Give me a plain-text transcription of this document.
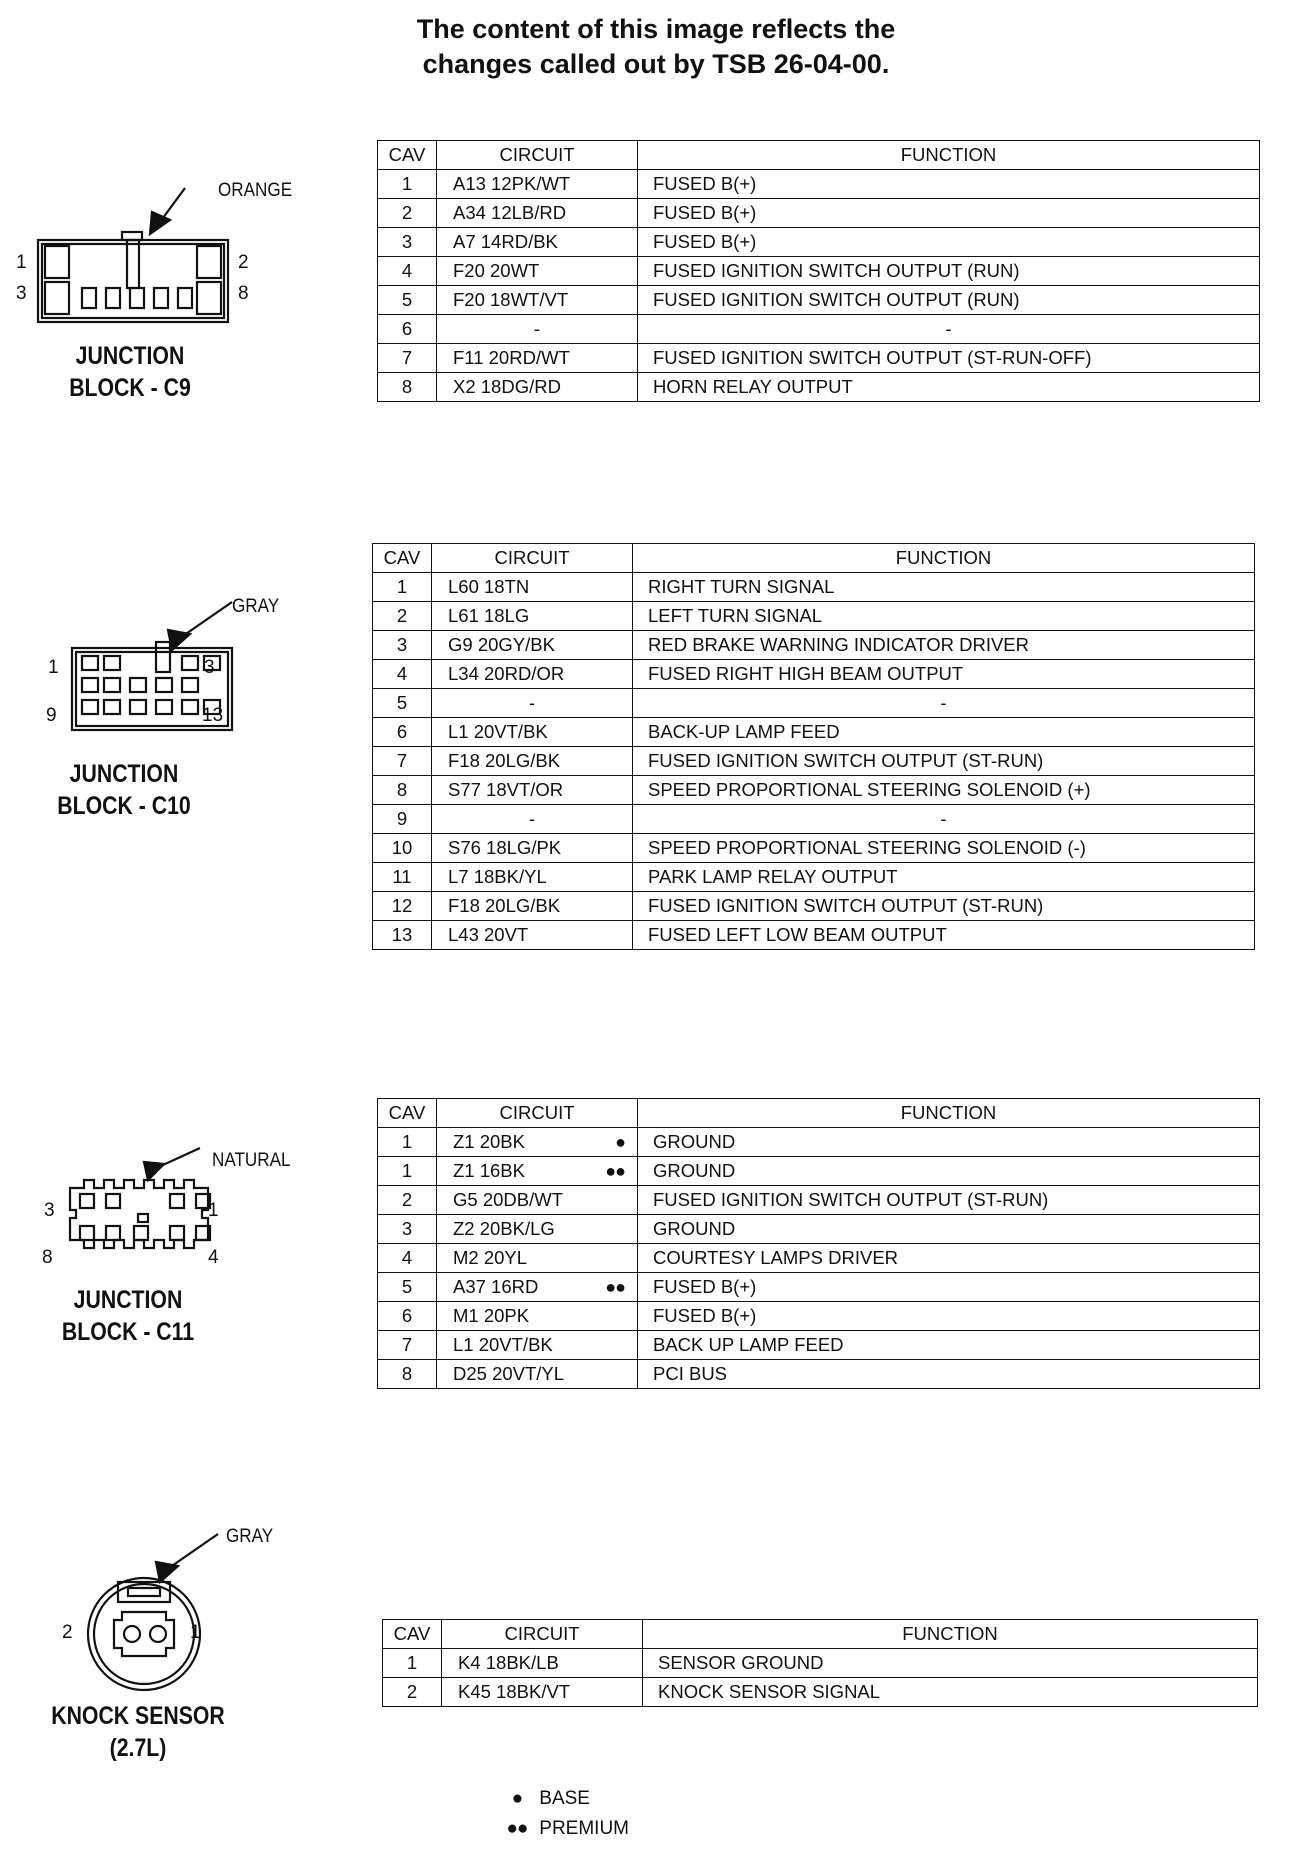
The content of this image reflects the
changes called out by TSB 26-04-00.
ORANGE
1	2
3	8
JUNCTION
BLOCK - C9
CAV	CIRCUIT	FUNCTION
1	A13 12PK/WT	FUSED B(+)
2	A34 12LB/RD	FUSED B(+)
3	A7 14RD/BK	FUSED B(+)
4	F20 20WT	FUSED IGNITION SWITCH OUTPUT (RUN)
5	F20 18WT/VT	FUSED IGNITION SWITCH OUTPUT (RUN)
6	-	-
7	F11 20RD/WT	FUSED IGNITION SWITCH OUTPUT (ST-RUN-OFF)
8	X2 18DG/RD	HORN RELAY OUTPUT
GRAY
1	3
9	13
JUNCTION
BLOCK - C10
CAV	CIRCUIT	FUNCTION
1	L60 18TN	RIGHT TURN SIGNAL
2	L61 18LG	LEFT TURN SIGNAL
3	G9 20GY/BK	RED BRAKE WARNING INDICATOR DRIVER
4	L34 20RD/OR	FUSED RIGHT HIGH BEAM OUTPUT
5	-	-
6	L1 20VT/BK	BACK-UP LAMP FEED
7	F18 20LG/BK	FUSED IGNITION SWITCH OUTPUT (ST-RUN)
8	S77 18VT/OR	SPEED PROPORTIONAL STEERING SOLENOID (+)
9	-	-
10	S76 18LG/PK	SPEED PROPORTIONAL STEERING SOLENOID (-)
11	L7 18BK/YL	PARK LAMP RELAY OUTPUT
12	F18 20LG/BK	FUSED IGNITION SWITCH OUTPUT (ST-RUN)
13	L43 20VT	FUSED LEFT LOW BEAM OUTPUT
NATURAL
3	1
8	4
JUNCTION
BLOCK - C11
CAV	CIRCUIT	FUNCTION
1	Z1 20BK ●	GROUND
1	Z1 16BK ●●	GROUND
2	G5 20DB/WT	FUSED IGNITION SWITCH OUTPUT (ST-RUN)
3	Z2 20BK/LG	GROUND
4	M2 20YL	COURTESY LAMPS DRIVER
5	A37 16RD ●●	FUSED B(+)
6	M1 20PK	FUSED B(+)
7	L1 20VT/BK	BACK UP LAMP FEED
8	D25 20VT/YL	PCI BUS
GRAY
2	1
KNOCK SENSOR
(2.7L)
CAV	CIRCUIT	FUNCTION
1	K4 18BK/LB	SENSOR GROUND
2	K45 18BK/VT	KNOCK SENSOR SIGNAL
● BASE
●● PREMIUM
